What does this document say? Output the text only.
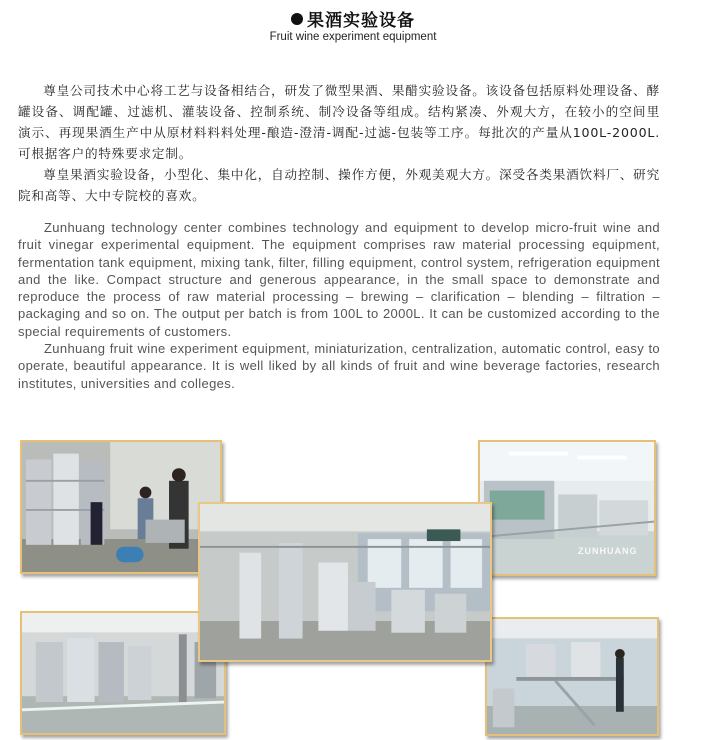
果酒实验设备
Fruit wine experiment equipment

尊皇公司技术中心将工艺与设备相结合，研发了微型果酒、果醋实验设备。该设备包括原料处理设备、酵罐设备、调配罐、过滤机、灌装设备、控制系统、制冷设备等组成。结构紧凑、外观大方，在较小的空间里演示、再现果酒生产中从原材料料料处理-酿造-澄清-调配-过滤-包装等工序。每批次的产量从100L-2000L.可根据客户的特殊要求定制。

尊皇果酒实验设备，小型化、集中化，自动控制、操作方便，外观美观大方。深受各类果酒饮料厂、研究院和高等、大中专院校的喜欢。

Zunhuang technology center combines technology and equipment to develop micro-fruit wine and fruit vinegar experimental equipment. The equipment comprises raw material processing equipment, fermentation tank equipment, mixing tank, filter, filling equipment, control system, refrigeration equipment and the like. Compact structure and generous appearance, in the small space to demonstrate and reproduce the process of raw material processing – brewing – clarification – blending – filtration – packaging and so on. The output per batch is from 100L to 2000L. It can be customized according to the special requirements of customers.

Zunhuang fruit wine experiment equipment, miniaturization, centralization, automatic control, easy to operate, beautiful appearance. It is well liked by all kinds of fruit and wine beverage factories, research institutes, universities and colleges.

ZUNHUANG
